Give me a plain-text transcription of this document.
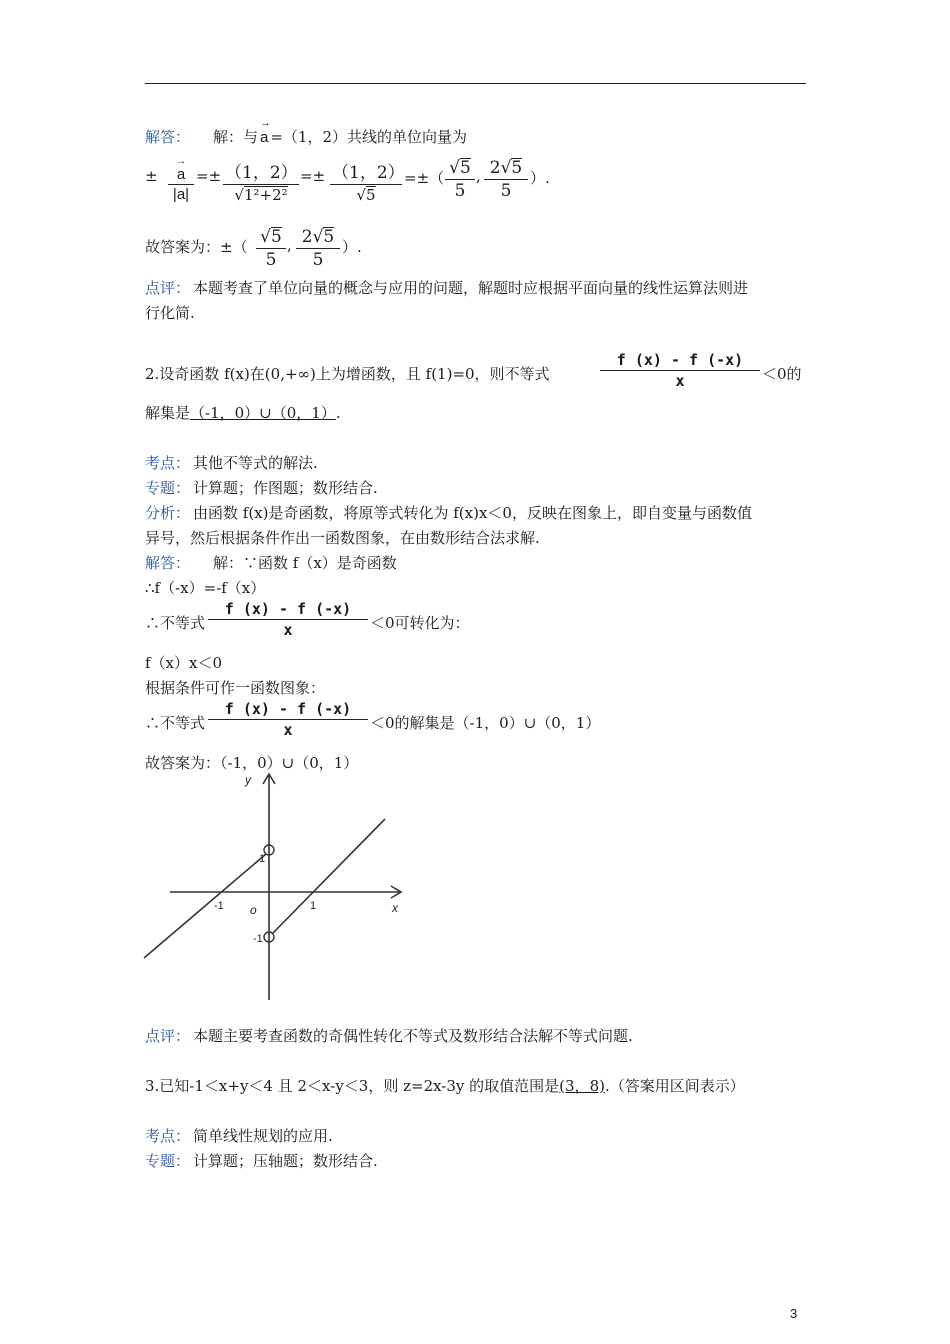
解答： 解：与
→
a =（1，2）共线的单位向量为
± →
a
$|a| =\pm \frac{(1,2)}{\text{√1²+2²}} =\pm \frac{(1,2)}{√5}$ =±（ $\frac{√5}{5}$ , $\frac{2√5}{5}$ ）.
故答案为：±（ $\frac{√5}{5}$ , $\frac{2√5}{5}$ ）.
点评： 本题考查了单位向量的概念与应用的问题，解题时应根据平面向量的线性运算法则进
行化简.
2.设奇函数 f(x)在(0,+∞)上为增函数，且 f(1)=0，则不等式	$\frac{f (x) - f (-x)}{x} <0$的
解集是（-1，0）∪（0，1）.
考点： 其他不等式的解法.
专题： 计算题；作图题；数形结合.
分析： 由函数 f(x)是奇函数，将原等式转化为 f(x)x＜0，反映在图象上，即自变量与函数值
异号，然后根据条件作出一函数图象，在由数形结合法求解.
解答： 解：∵函数 f（x）是奇函数
∴f（-x）=-f（x）
∴不等式 $\frac{f (x) - f (-x)}{x} <0$可转化为：
f（x）x＜0
根据条件可作一函数图象：
∴不等式 $\frac{f (x) - f (-x)}{x} <0$的解集是（-1，0）∪（0，1）
故答案为：（-1，0）∪（0，1）
y
x
o
-1	1
1
-1
点评： 本题主要考查函数的奇偶性转化不等式及数形结合法解不等式问题.
3.已知-1＜x+y＜4 且 2＜x-y＜3，则 z=2x-3y 的取值范围是(3，8).（答案用区间表示）
考点： 简单线性规划的应用.
专题： 计算题；压轴题；数形结合.
3
